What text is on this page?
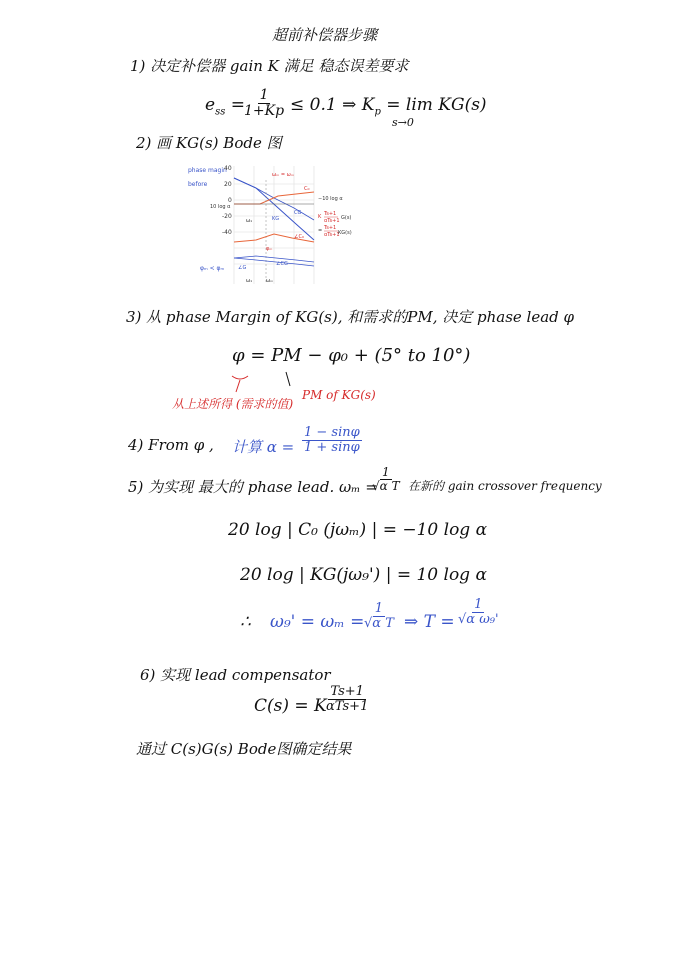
超前补偿器步骤
1) 决定补偿器 gain K 满足 稳态误差要求
$e_{ss} = \frac{1}{1+Kp} \le 0.1$ ⇒ $K_p = \lim KG(s)$
s→0
2) 画 KG(s) Bode 图
phase magin
before
φₘ < φₘ
40
20
0
-20
-40
10 log α
ωₘ = ωₘ
C₀
−10 log α
CG
KG
ω₁
K Ts+1
αTs+1 G(s)
= Ts+1
αTs+1
KG(s)
∠C₀
φₘ
∠G
∠CG
ω₁	ωₘ
3) 从 phase Margin of KG(s), 和需求的PM, 决定 phase lead φ
φ = PM − φ₀ + (5° to 10°)
从上述所得 (需求的值)
PM of KG(s)
4) From φ , 计算 $\alpha = \frac{1 - \sin\varphi}{1 + \sin\varphi}$
5) 为实现 最大的 phase lead. ωₘ =
$\frac{1}{\text{√α T}}$ 在新的 gain crossover frequency
20 log | C₀ (jωₘ) | = −10 log α
20 log | KG(jω₉') | = 10 log α
∴ $\omega_9' = \omega_m = \frac{1}{\text{√α T}}$ ⇒ $T = \frac{1}{\text{√α ω₉'}}$
6) 实现 lead compensator
C(s) = K
Ts+1
αTs+1
通过 C(s)G(s) Bode图确定结果
